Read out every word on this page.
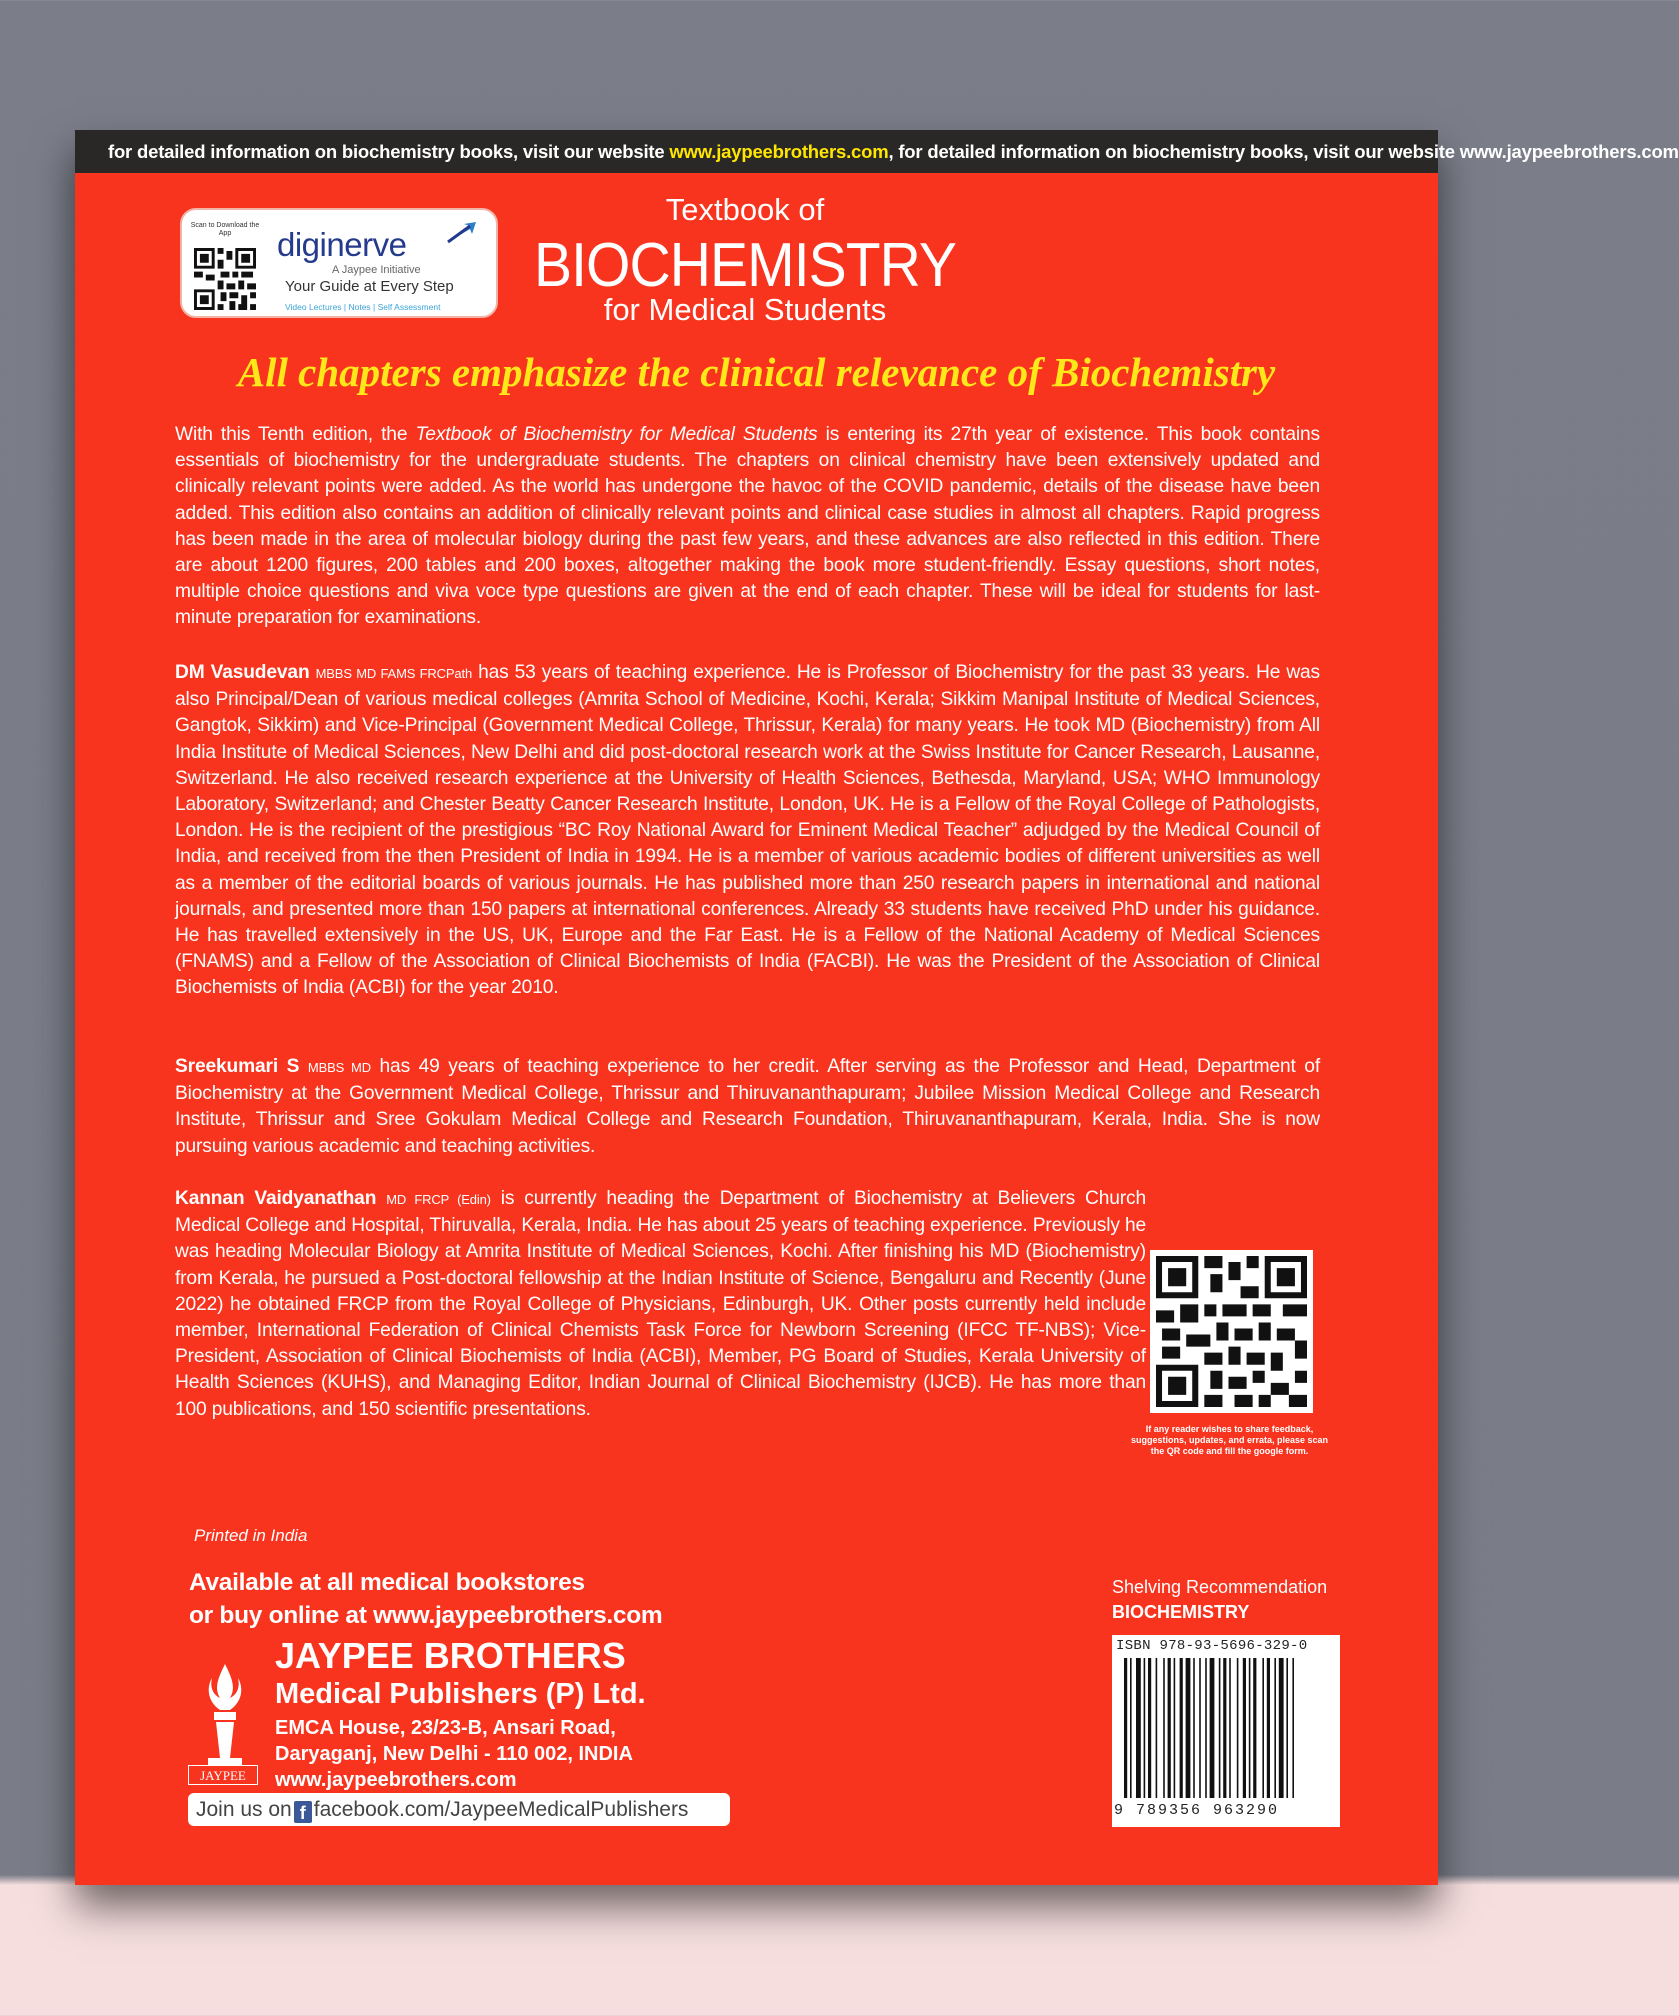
for detailed information on biochemistry books, visit our website www.jaypeebrothers.com, for detailed information on biochemistry books, visit our website www.jaypeebrothers.com
Scan to Download the App	diginerve
A Jaypee Initiative
Your Guide at Every Step
Video Lectures | Notes | Self Assessment
Textbook of
BIOCHEMISTRY
for Medical Students
All chapters emphasize the clinical relevance of Biochemistry

With this Tenth edition, the Textbook of Biochemistry for Medical Students is entering its 27th year of existence. This book contains essentials of biochemistry for the undergraduate students. The chapters on clinical chemistry have been extensively updated and clinically relevant points were added. As the world has undergone the havoc of the COVID pandemic, details of the disease have been added. This edition also contains an addition of clinically relevant points and clinical case studies in almost all chapters. Rapid progress has been made in the area of molecular biology during the past few years, and these advances are also reflected in this edition. There are about 1200 figures, 200 tables and 200 boxes, altogether making the book more student-friendly. Essay questions, short notes, multiple choice questions and viva voce type questions are given at the end of each chapter. These will be ideal for students for last-minute preparation for examinations.

DM Vasudevan MBBS MD FAMS FRCPath has 53 years of teaching experience. He is Professor of Biochemistry for the past 33 years. He was also Principal/Dean of various medical colleges (Amrita School of Medicine, Kochi, Kerala; Sikkim Manipal Institute of Medical Sciences, Gangtok, Sikkim) and Vice-Principal (Government Medical College, Thrissur, Kerala) for many years. He took MD (Biochemistry) from All India Institute of Medical Sciences, New Delhi and did post-doctoral research work at the Swiss Institute for Cancer Research, Lausanne, Switzerland. He also received research experience at the University of Health Sciences, Bethesda, Maryland, USA; WHO Immunology Laboratory, Switzerland; and Chester Beatty Cancer Research Institute, London, UK. He is a Fellow of the Royal College of Pathologists, London. He is the recipient of the prestigious “BC Roy National Award for Eminent Medical Teacher” adjudged by the Medical Council of India, and received from the then President of India in 1994. He is a member of various academic bodies of different universities as well as a member of the editorial boards of various journals. He has published more than 250 research papers in international and national journals, and presented more than 150 papers at international conferences. Already 33 students have received PhD under his guidance. He has travelled extensively in the US, UK, Europe and the Far East. He is a Fellow of the National Academy of Medical Sciences (FNAMS) and a Fellow of the Association of Clinical Biochemists of India (FACBI). He was the President of the Association of Clinical Biochemists of India (ACBI) for the year 2010.

Sreekumari S MBBS MD has 49 years of teaching experience to her credit. After serving as the Professor and Head, Department of Biochemistry at the Government Medical College, Thrissur and Thiruvananthapuram; Jubilee Mission Medical College and Research Institute, Thrissur and Sree Gokulam Medical College and Research Foundation, Thiruvananthapuram, Kerala, India. She is now pursuing various academic and teaching activities.

Kannan Vaidyanathan MD FRCP (Edin) is currently heading the Department of Biochemistry at Believers Church Medical College and Hospital, Thiruvalla, Kerala, India. He has about 25 years of teaching experience. Previously he was heading Molecular Biology at Amrita Institute of Medical Sciences, Kochi. After finishing his MD (Biochemistry) from Kerala, he pursued a Post-doctoral fellowship at the Indian Institute of Science, Bengaluru and Recently (June 2022) he obtained FRCP from the Royal College of Physicians, Edinburgh, UK. Other posts currently held include member, International Federation of Clinical Chemists Task Force for Newborn Screening (IFCC TF-NBS); Vice- President, Association of Clinical Biochemists of India (ACBI), Member, PG Board of Studies, Kerala University of Health Sciences (KUHS), and Managing Editor, Indian Journal of Clinical Biochemistry (IJCB). He has more than 100 publications, and 150 scientific presentations.

If any reader wishes to share feedback, suggestions, updates, and errata, please scan the QR code and fill the google form.
Printed in India
Available at all medical bookstores
or buy online at www.jaypeebrothers.com
JAYPEE
JAYPEE BROTHERS
Medical Publishers (P) Ltd.
EMCA House, 23/23-B, Ansari Road,
Daryaganj, New Delhi - 110 002, INDIA
www.jaypeebrothers.com
Join us on f facebook.com/JaypeeMedicalPublishers
Shelving Recommendation
BIOCHEMISTRY
ISBN 978-93-5696-329-0
9 789356 963290
